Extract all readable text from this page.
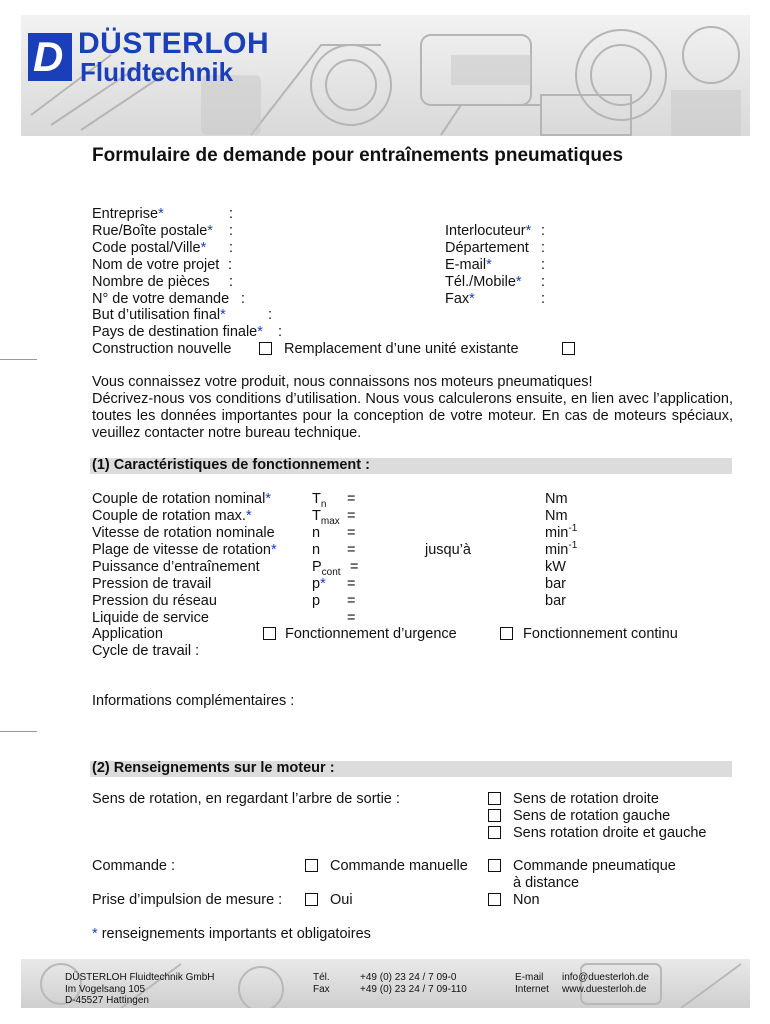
D DÜSTERLOH
Fluidtechnik
Formulaire de demande pour entraînements pneumatiques
Entreprise*	:
Rue/Boîte postale* :
Code postal/Ville* :
Nom de votre projet :
Nombre de pièces :
N° de votre demande :
But d’utilisation final*	:
Pays de destination finale* :
Interlocuteur* :
Département :
E-mail*	:
Tél./Mobile* :
Fax*	:
Construction nouvelle	Remplacement d’une unité existante
Vous connaissez votre produit, nous connaissons nos moteurs pneumatiques!
Décrivez-nous vos conditions d’utilisation. Nous vous calculerons ensuite, en lien avec l’application, toutes les données importantes pour la conception de votre moteur. En cas de moteurs spéciaux, veuillez contacter notre bureau technique.
(1) Caractéristiques de fonctionnement :
Couple de rotation nominal*	$T_n$ =	Nm
Couple de rotation max.*	$T_{max}$ =	Nm
Vitesse de rotation nominale	n =	$\min^{-1}$
Plage de vitesse de rotation* n =	jusqu’à	$\min^{-1}$
Puissance d’entraînement	$P_{cont}$ =	kW
Pression de travail	p* =	bar
Pression du réseau	p =	bar
Liquide de service	=
Application	Fonctionnement d’urgence	Fonctionnement continu
Cycle de travail :
Informations complémentaires :
(2) Renseignements sur le moteur :
Sens de rotation, en regardant l’arbre de sortie :	Sens de rotation droite
Sens de rotation gauche
Sens rotation droite et gauche
Commande :	Commande manuelle	Commande pneumatique
à distance
Prise d’impulsion de mesure :	Oui	Non
* renseignements importants et obligatoires
DÜSTERLOH Fluidtechnik GmbH
Im Vogelsang 105
D-45527 Hattingen
Tél.	+49 (0) 23 24 / 7 09-0
Fax	+49 (0) 23 24 / 7 09-110
E-mail info@duesterloh.de
Internet www.duesterloh.de
